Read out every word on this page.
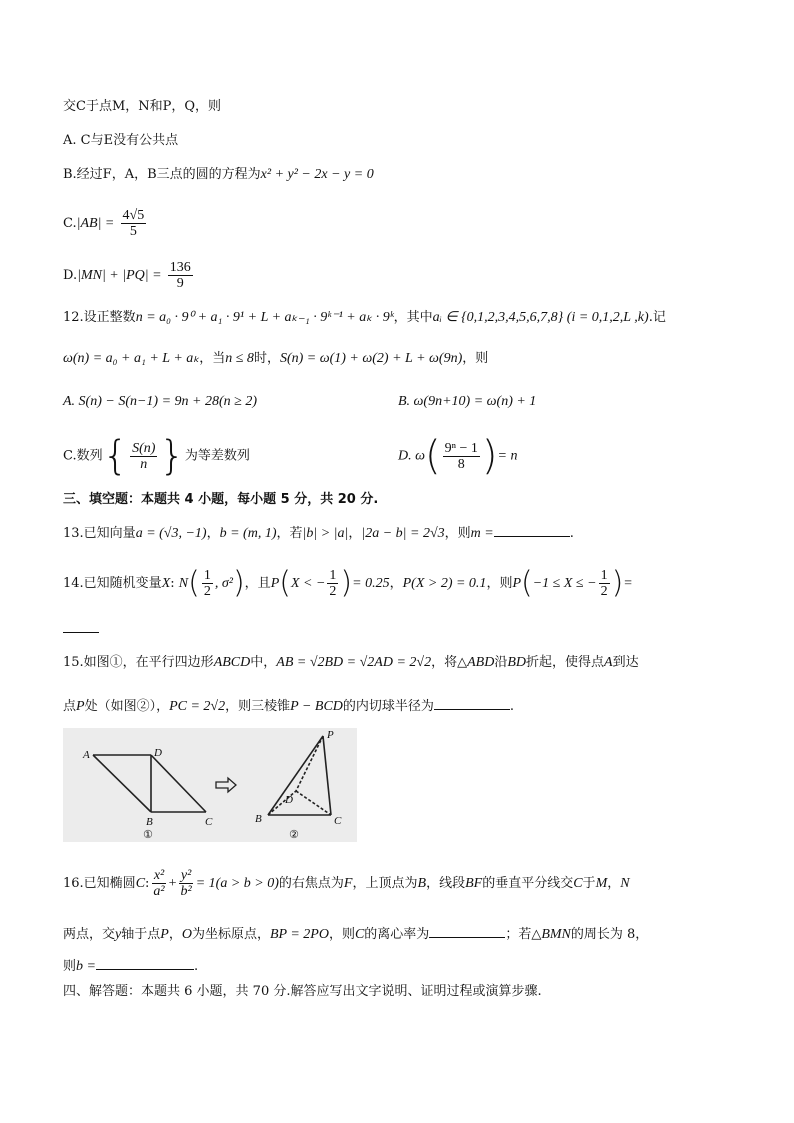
交C于点M，N和P，Q，则
A. C与E没有公共点
B.经过F，A，B三点的圆的方程为x² + y² − 2x − y = 0
$C.|AB| = \frac{4√5}{5}$
$D.|MN| + |PQ| = \frac{136}{9}$
12.设正整数n = a₀ · 9⁰ + a₁ · 9¹ + L + aₖ₋₁ · 9ᵏ⁻¹ + aₖ · 9ᵏ，其中aᵢ ∈ {0,1,2,3,4,5,6,7,8} (i = 0,1,2,L ,k).记
ω(n) = a₀ + a₁ + L + aₖ，当n ≤ 8时，S(n) = ω(1) + ω(2) + L + ω(9n)，则
A. S(n) − S(n−1) = 9n + 28(n ≥ 2)	B. ω(9n+10) = ω(n) + 1
C.数列{ $\frac{S(n)}{n}$ }为等差数列	D. $\omega( \frac{\text{9ⁿ − 1}}{8}$ )= n
三、填空题：本题共 4 小题，每小题 5 分，共 20 分.
13.已知向量a = (√3, −1)，b = (m, 1)，若|b| > |a|，|2a − b| = 2√3，则m =	.
14.已知随机变量X: $N( \frac{1}{2}$ , σ²)，且P(X < − $\frac{1}{2}$ )= 0.25，P(X > 2) = 0.1，则P(−1 ≤ X ≤ − $\frac{1}{2}$ )=
15.如图①，在平行四边形ABCD中，AB = √2BD = √2AD = 2√2，将△ABD沿BD折起，使得点A到达
点P处（如图②），PC = 2√2，则三棱锥P − BCD的内切球半径为	.
A	D
B	C
①
P
D
B	C
②
16.已知椭圆C: $\frac{\text{x²}}{\text{a²}} + \frac{\text{y²}}{\text{b²}} = 1(a > b > 0)$的右焦点为F，上顶点为B，线段BF的垂直平分线交C于M，N
两点，交y轴于点P，O为坐标原点，BP = 2PO，则C的离心率为	；若△BMN的周长为 8，
则b =	.
四、解答题：本题共 6 小题，共 70 分.解答应写出文字说明、证明过程或演算步骤.
